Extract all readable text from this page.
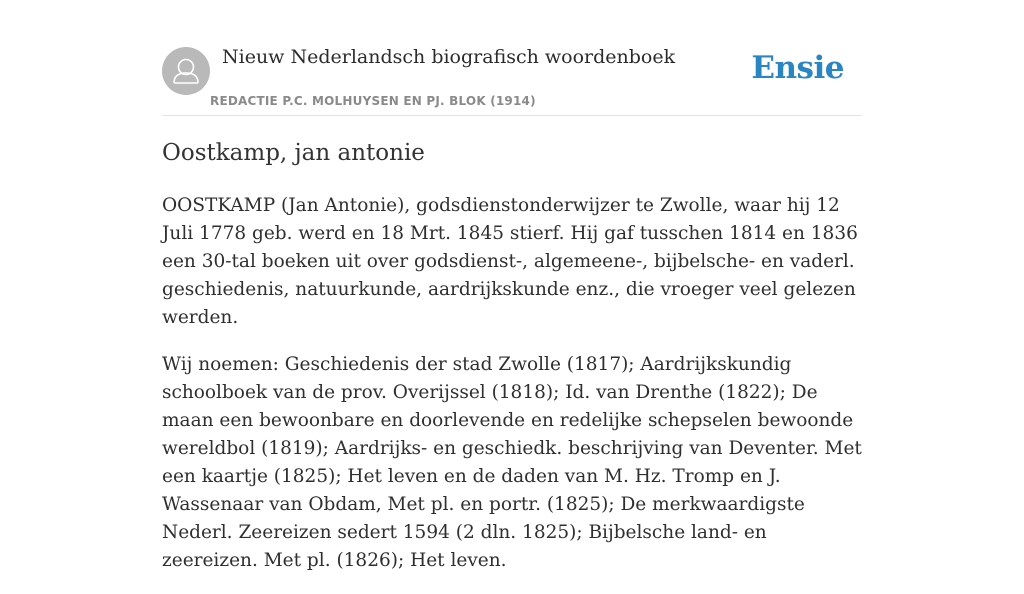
Nieuw Nederlandsch biografisch woordenboek
REDACTIE P.C. MOLHUYSEN EN PJ. BLOK (1914)
Ensie
Oostkamp, jan antonie

OOSTKAMP (Jan Antonie), godsdienstonderwijzer te Zwolle, waar hij 12 Juli 1778 geb. werd en 18 Mrt. 1845 stierf. Hij gaf tusschen 1814 en 1836 een 30-tal boeken uit over godsdienst-, algemeene-, bijbelsche- en vaderl. geschiedenis, natuurkunde, aardrijkskunde enz., die vroeger veel gelezen werden.

Wij noemen: Geschiedenis der stad Zwolle (1817); Aardrijkskundig schoolboek van de prov. Overijssel (1818); Id. van Drenthe (1822); De maan een bewoonbare en doorlevende en redelijke schepselen bewoonde wereldbol (1819); Aardrijks- en geschiedk. beschrijving van Deventer. Met een kaartje (1825); Het leven en de daden van M. Hz. Tromp en J. Wassenaar van Obdam, Met pl. en portr. (1825); De merkwaardigste Nederl. Zeereizen sedert 1594 (2 dln. 1825); Bijbelsche land- en zeereizen. Met pl. (1826); Het leven.
